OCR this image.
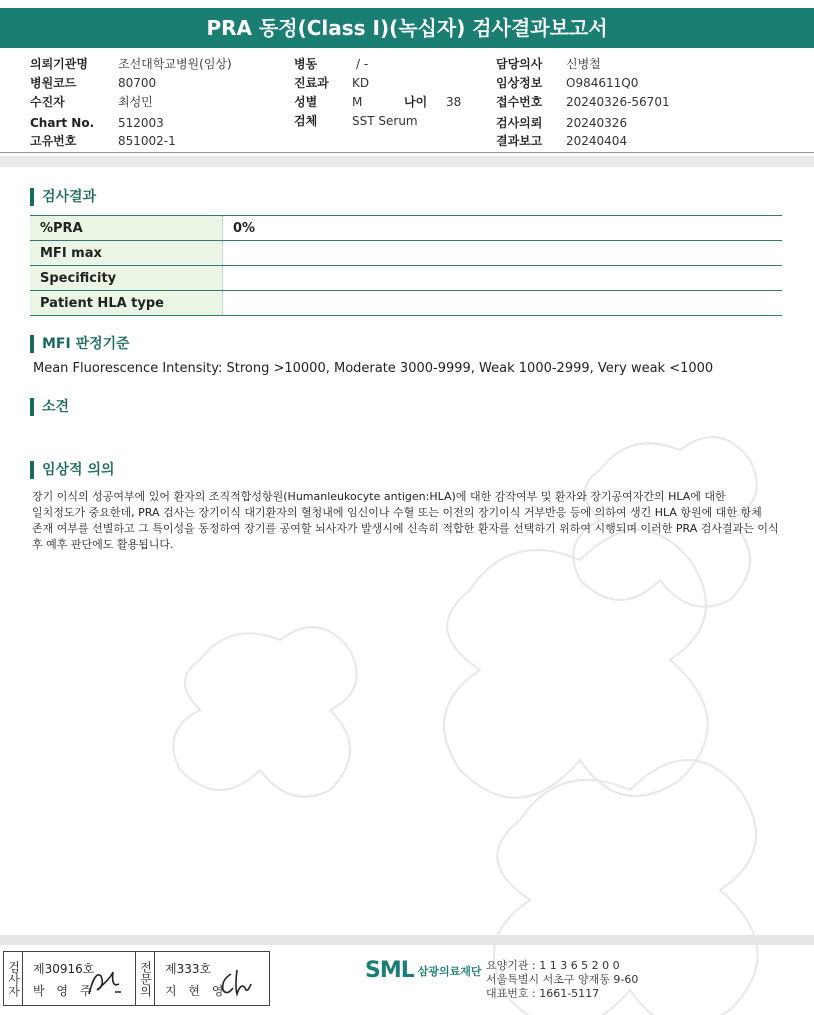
PRA 동정(Class I)(녹십자) 검사결과보고서
의뢰기관명	조선대학교병원(임상)
병원코드	80700
수진자	최성민
Chart No. 512003
고유번호	851002-1
병동	/ -
진료과 KD
성별	M	나이 38
검체	SST Serum
담당의사 신병철
임상정보 O984611Q0
접수번호 20240326-56701
검사의뢰 20240326
결과보고 20240404
검사결과
%PRA	0%
MFI max	
Specificity	
Patient HLA type	
MFI 판정기준
Mean Fluorescence Intensity: Strong >10000, Moderate 3000-9999, Weak 1000-2999, Very weak <1000
소견
임상적 의의
장기 이식의 성공여부에 있어 환자의 조직적합성항원(Humanleukocyte antigen:HLA)에 대한 감작여부 및 환자와 장기공여자간의 HLA에 대한 일치정도가 중요한데, PRA 검사는 장기이식 대기환자의 혈청내에 임신이나 수혈 또는 이전의 장기이식 거부반응 등에 의하여 생긴 HLA 항원에 대한 항체 존재 여부를 선별하고 그 특이성을 동정하여 장기를 공여할 뇌사자가 발생시에 신속히 적합한 환자를 선택하기 위하여 시행되며 이러한 PRA 검사결과는 이식 후 예후 판단에도 활용됩니다.
검사자 제30916호
박 영 주	전문의 제333호
지 현 영
SML 삼광의료재단 요양기관 : 1 1 3 6 5 2 0 0
서울특별시 서초구 양재동 9-60
대표번호 : 1661-5117
